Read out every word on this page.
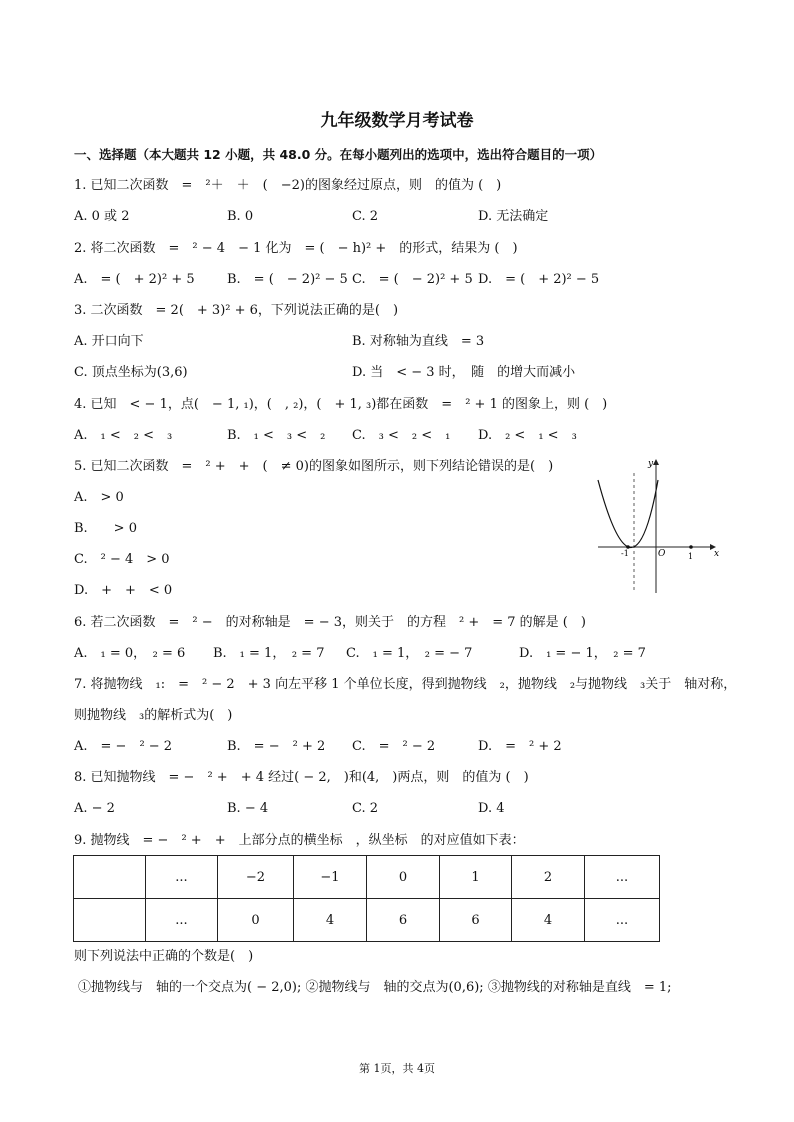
九年级数学月考试卷
一、选择题（本大题共 12 小题，共 48.0 分。在每小题列出的选项中，选出符合题目的一项）
1. 已知二次函数　=　²＋　＋　(　−2)的图象经过原点，则　的值为 (　)
A. 0 或 2	B. 0	C. 2	D. 无法确定
2. 将二次函数　=　² − 4　− 1 化为　= (　− h)² +　的形式，结果为 (　)
A.　= (　+ 2)² + 5 B.　= (　− 2)² − 5 C.　= (　− 2)² + 5 D.　= (　+ 2)² − 5
3. 二次函数　= 2(　+ 3)² + 6，下列说法正确的是(　)
A. 开口向下	B. 对称轴为直线　= 3
C. 顶点坐标为(3,6)	D. 当　< − 3 时，　随　的增大而减小
4. 已知　< − 1，点(　− 1, ₁)，(　, ₂)，(　+ 1, ₃)都在函数　=　² + 1 的图象上，则 (　)
A.　₁ <　₂ <　₃	B.　₁ <　₃ <　₂ C.　₃ <　₂ <　₁ D.　₂ <　₁ <　₃
5. 已知二次函数　=　² +　+　(　≠ 0)的图象如图所示，则下列结论错误的是(　)
A.　> 0
B.　　> 0
C.　² − 4　> 0
D.　+　+　< 0
y
x
O
-1	1
6. 若二次函数　=　² −　的对称轴是　= − 3，则关于　的方程　² +　= 7 的解是 (　)
A.　₁ = 0，　₂ = 6 B.　₁ = 1，　₂ = 7 C.　₁ = 1，　₂ = − 7	D.　₁ = − 1，　₂ = 7
7. 将抛物线　₁:　=　² − 2　+ 3 向左平移 1 个单位长度，得到抛物线　₂，抛物线　₂与抛物线　₃关于　轴对称，
则抛物线　₃的解析式为(　)
A.　= −　² − 2	B.　= −　² + 2 C.　=　² − 2	D.　=　² + 2
8. 已知抛物线　= −　² +　+ 4 经过( − 2,　)和(4,　)两点，则　的值为 (　)
A. − 2	B. − 4	C. 2	D. 4
9. 抛物线　= −　² +　+　上部分点的横坐标　，纵坐标　的对应值如下表：
	...	−2	−1	0	1	2	...
	...	0	4	6	6	4	...
则下列说法中正确的个数是(　)
①抛物线与　轴的一个交点为( − 2,0); ②抛物线与　轴的交点为(0,6); ③抛物线的对称轴是直线　= 1;
第 1页，共 4页
